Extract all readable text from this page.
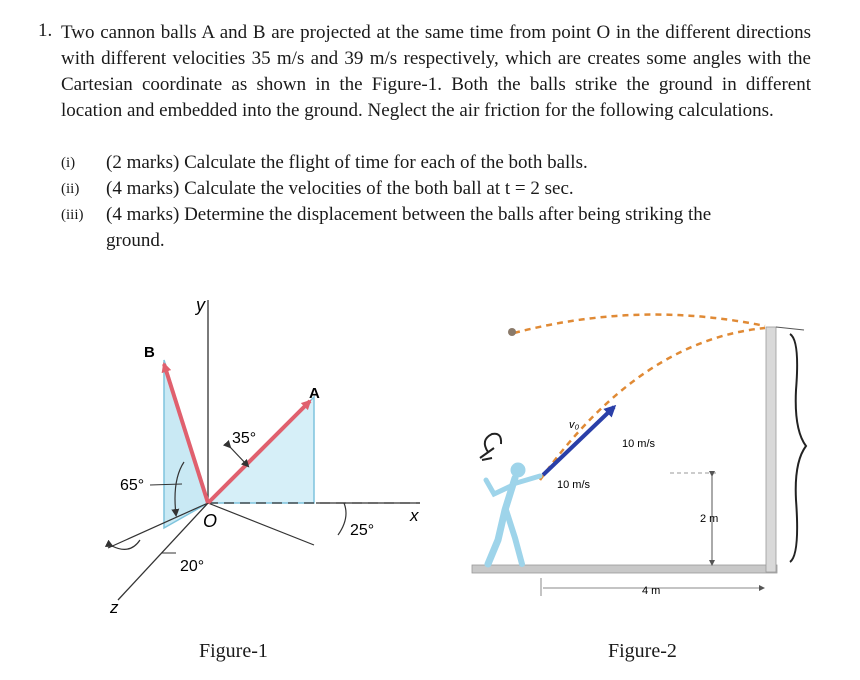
1. Two cannon balls A and B are projected at the same time from point O in the different directions with different velocities 35 m/s and 39 m/s respectively, which are creates some angles with the Cartesian coordinate as shown in the Figure-1. Both the balls strike the ground in different location and embedded into the ground. Neglect the air friction for the following calculations.

(i) (2 marks) Calculate the flight of time for each of the both balls.
(ii) (4 marks) Calculate the velocities of the both ball at t = 2 sec.
(iii) (4 marks) Determine the displacement between the balls after being striking the ground.
y
x
z
O
A
B
35°
65°
25°
20°
v₀
10 m/s
10 m/s
2 m
4 m
Figure-1	Figure-2
